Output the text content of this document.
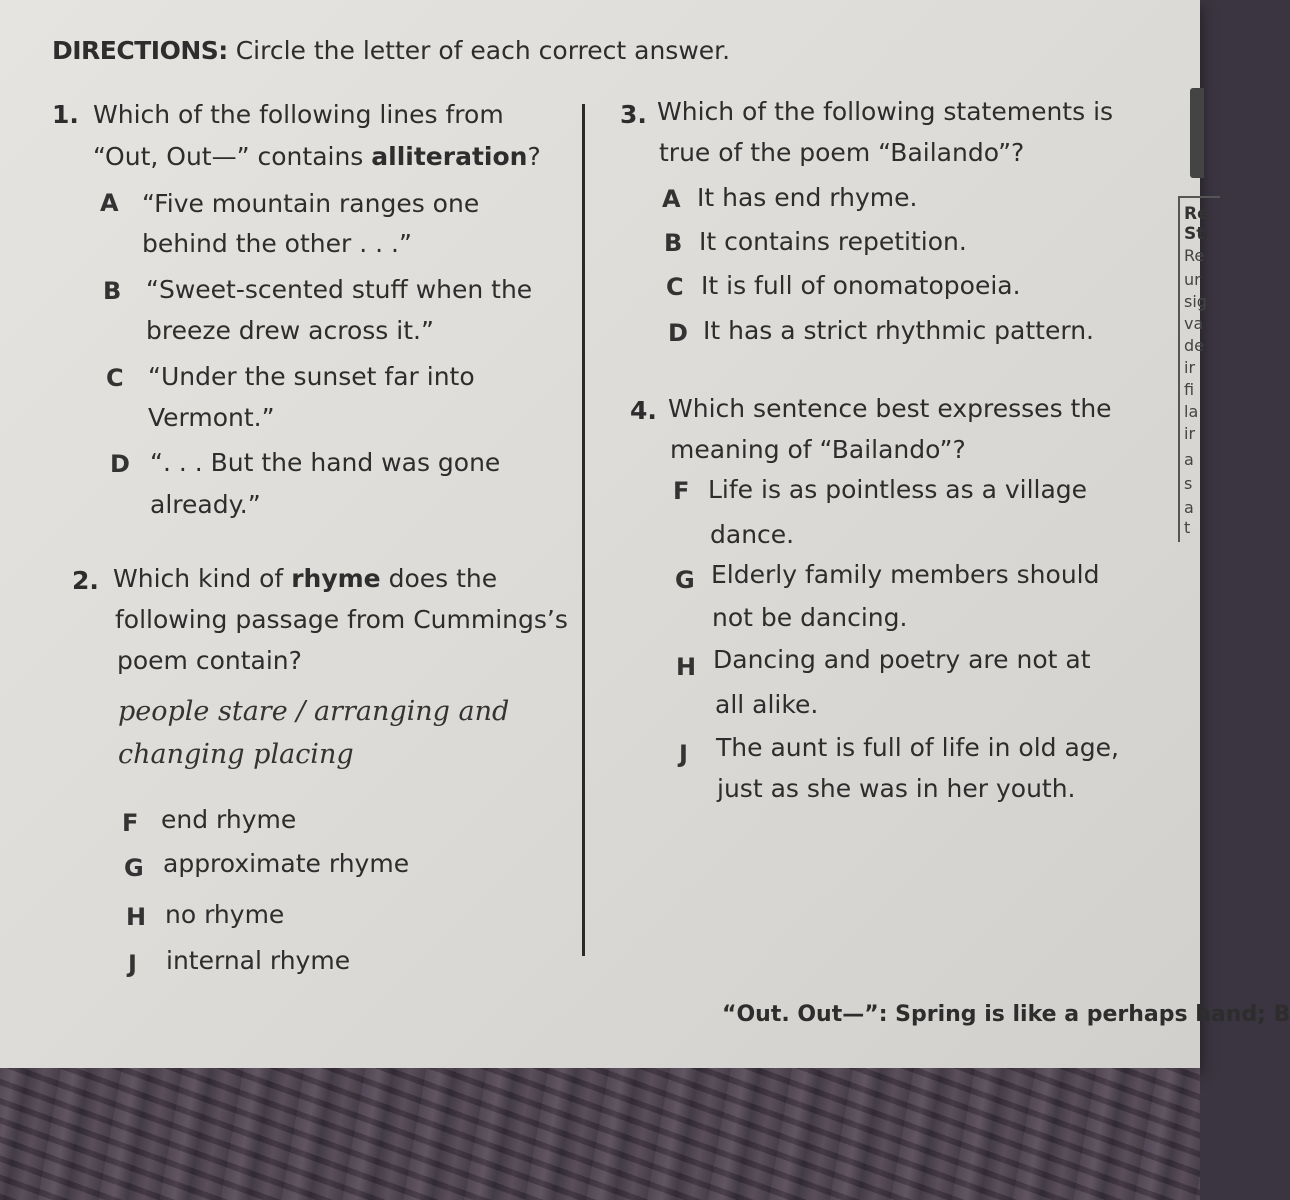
DIRECTIONS: Circle the letter of each correct answer.
1. Which of the following lines from
“Out, Out—” contains alliteration?
A “Five mountain ranges one
behind the other . . .”
B “Sweet-scented stuff when the
breeze drew across it.”
C “Under the sunset far into
Vermont.”
D “. . . But the hand was gone
already.”
2. Which kind of rhyme does the
following passage from Cummings’s
poem contain?
people stare / arranging and
changing placing
F end rhyme
G approximate rhyme
H no rhyme
J internal rhyme
3. Which of the following statements is
true of the poem “Bailando”?
A It has end rhyme.
B It contains repetition.
C It is full of onomatopoeia.
D It has a strict rhythmic pattern.
4. Which sentence best expresses the
meaning of “Bailando”?
F Life is as pointless as a village
dance.
G Elderly family members should
not be dancing.
H Dancing and poetry are not at
all alike.
J The aunt is full of life in old age,
just as she was in her youth.
“Out. Out—”: Spring is like a perhaps hand; B
Re
St
Re
ur
sig
va
de
ir
fi
la
ir
a
s
a
t
